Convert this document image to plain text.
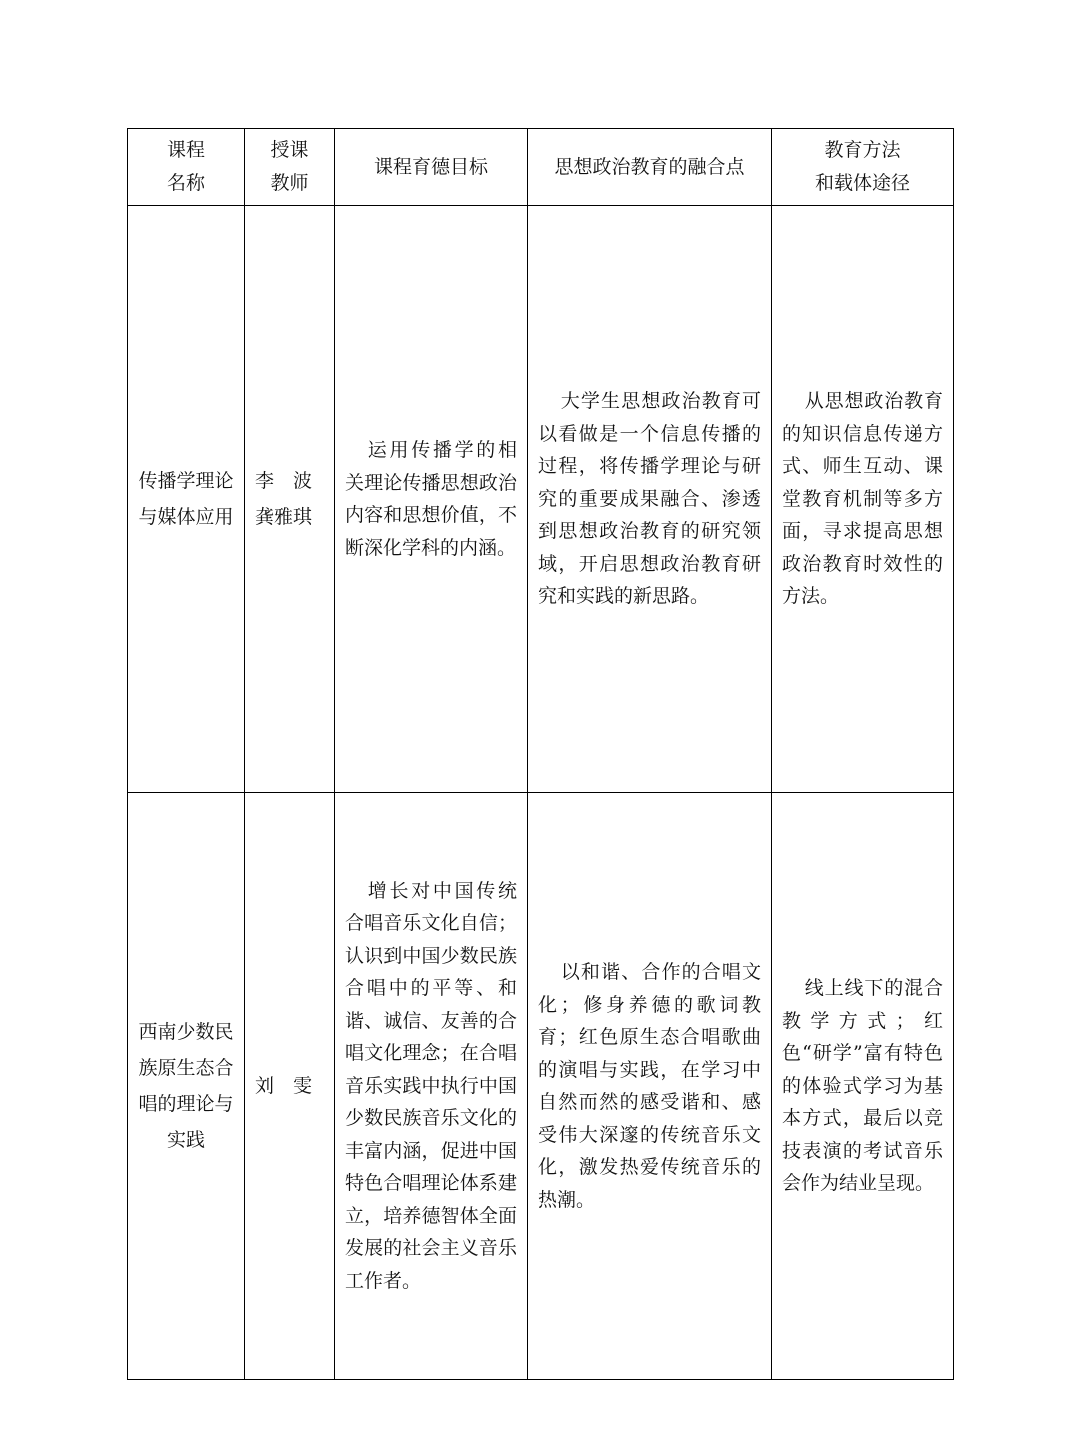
课程
名称	授课
教师	课程育德目标	思想政治教育的融合点	教育方法
和载体途径

传播学理论
与媒体应用	李　波
龚雅琪	运用传播学的相关理论传播思想政治内容和思想价值，不断深化学科的内涵。	大学生思想政治教育可以看做是一个信息传播的过程，将传播学理论与研究的重要成果融合、渗透到思想政治教育的研究领域，开启思想政治教育研究和实践的新思路。	从思想政治教育的知识信息传递方式、师生互动、课堂教育机制等多方面，寻求提高思想政治教育时效性的方法。

西南少数民
族原生态合
唱的理论与
实践	刘　雯	增长对中国传统合唱音乐文化自信；认识到中国少数民族合唱中的平等、和谐、诚信、友善的合唱文化理念；在合唱音乐实践中执行中国少数民族音乐文化的丰富内涵，促进中国特色合唱理论体系建立，培养德智体全面发展的社会主义音乐工作者。	以和谐、合作的合唱文化；修身养德的歌词教育；红色原生态合唱歌曲的演唱与实践，在学习中自然而然的感受谐和、感受伟大深邃的传统音乐文化，激发热爱传统音乐的热潮。	线上线下的混合教学方式；红色“研学”富有特色的体验式学习为基本方式，最后以竞技表演的考试音乐会作为结业呈现。
